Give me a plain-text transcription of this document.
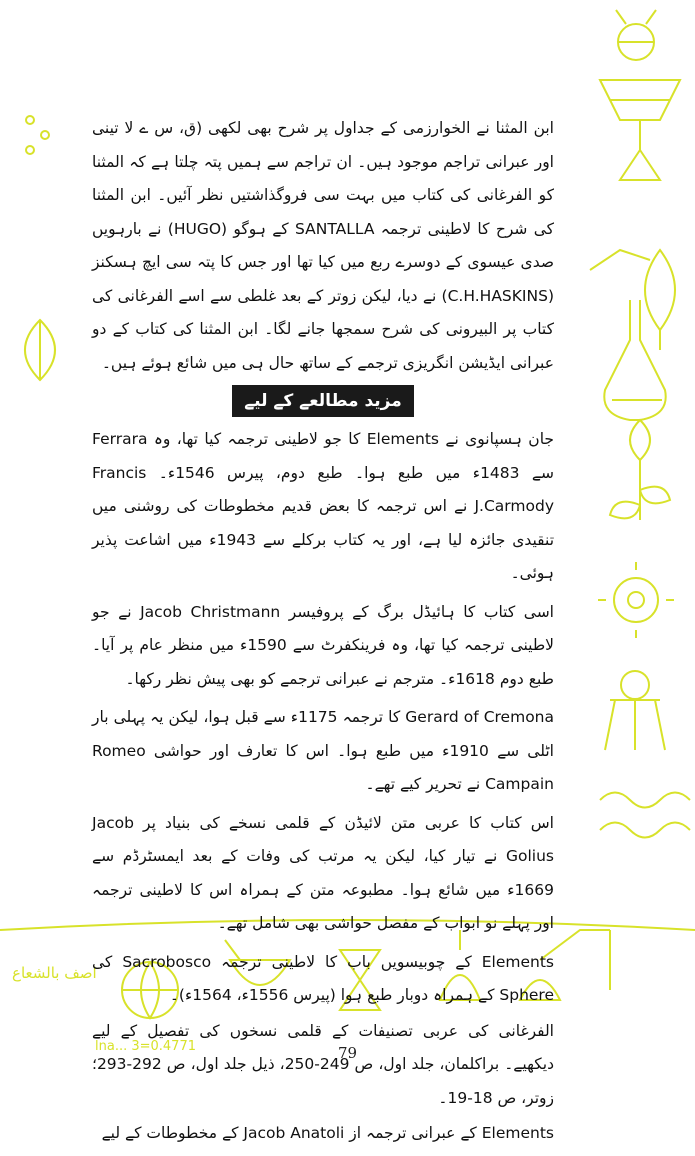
اصف بالشعاع
lna... 3=0.4771

ابن المثنا نے الخوارزمی کے جداول پر شرح بھی لکھی (ق، س ے لا تینی اور عبرانی تراجم موجود ہیں۔ ان تراجم سے ہمیں پتہ چلتا ہے کہ المثنا کو الفرغانی کی کتاب میں بہت سی فروگذاشتیں نظر آئیں۔ ابن المثنا کی شرح کا لاطینی ترجمہ SANTALLA کے ہوگو (HUGO) نے بارہویں صدی عیسوی کے دوسرے ربع میں کیا تھا اور جس کا پتہ سی ایچ ہسکنز (C.H.HASKINS) نے دیا، لیکن زوتر کے بعد غلطی سے اسے الفرغانی کی کتاب پر البیرونی کی شرح سمجھا جانے لگا۔ ابن المثنا کی کتاب کے دو عبرانی ایڈیشن انگریزی ترجمے کے ساتھ حال ہی میں شائع ہوئے ہیں۔

مزید مطالعے کے لیے

جان ہسپانوی نے Elements کا جو لاطینی ترجمہ کیا تھا، وہ Ferrara سے 1483ء میں طبع ہوا۔ طبع دوم، پیرس 1546ء۔ Francis J.Carmody نے اس ترجمہ کا بعض قدیم مخطوطات کی روشنی میں تنقیدی جائزہ لیا ہے، اور یہ کتاب برکلے سے 1943ء میں اشاعت پذیر ہوئی۔

اسی کتاب کا ہائیڈل برگ کے پروفیسر Jacob Christmann نے جو لاطینی ترجمہ کیا تھا، وہ فرینکفرٹ سے 1590ء میں منظر عام پر آیا۔ طبع دوم 1618ء۔ مترجم نے عبرانی ترجمے کو بھی پیش نظر رکھا۔

Gerard of Cremona کا ترجمہ 1175ء سے قبل ہوا، لیکن یہ پہلی بار اٹلی سے 1910ء میں طبع ہوا۔ اس کا تعارف اور حواشی Romeo Campain نے تحریر کیے تھے۔

اس کتاب کا عربی متن لائیڈن کے قلمی نسخے کی بنیاد پر Jacob Golius نے تیار کیا، لیکن یہ مرتب کی وفات کے بعد ایمسٹرڈم سے 1669ء میں شائع ہوا۔ مطبوعہ متن کے ہمراہ اس کا لاطینی ترجمہ اور پہلے نو ابواب کے مفصل حواشی بھی شامل تھے۔

Elements کے چوبیسویں باب کا لاطینی ترجمہ Sacrobosco کی Sphere کے ہمراہ دوبار طبع ہوا (پیرس 1556ء، 1564ء)۔

الفرغانی کی عربی تصنیفات کے قلمی نسخوں کی تفصیل کے لیے دیکھیے۔ براکلمان، جلد اول، ص 249-250، ذیل جلد اول، ص 292-293؛ زوتر، ص 18-19۔

Elements کے عبرانی ترجمہ از Jacob Anatoli کے مخطوطات کے لیے

79
